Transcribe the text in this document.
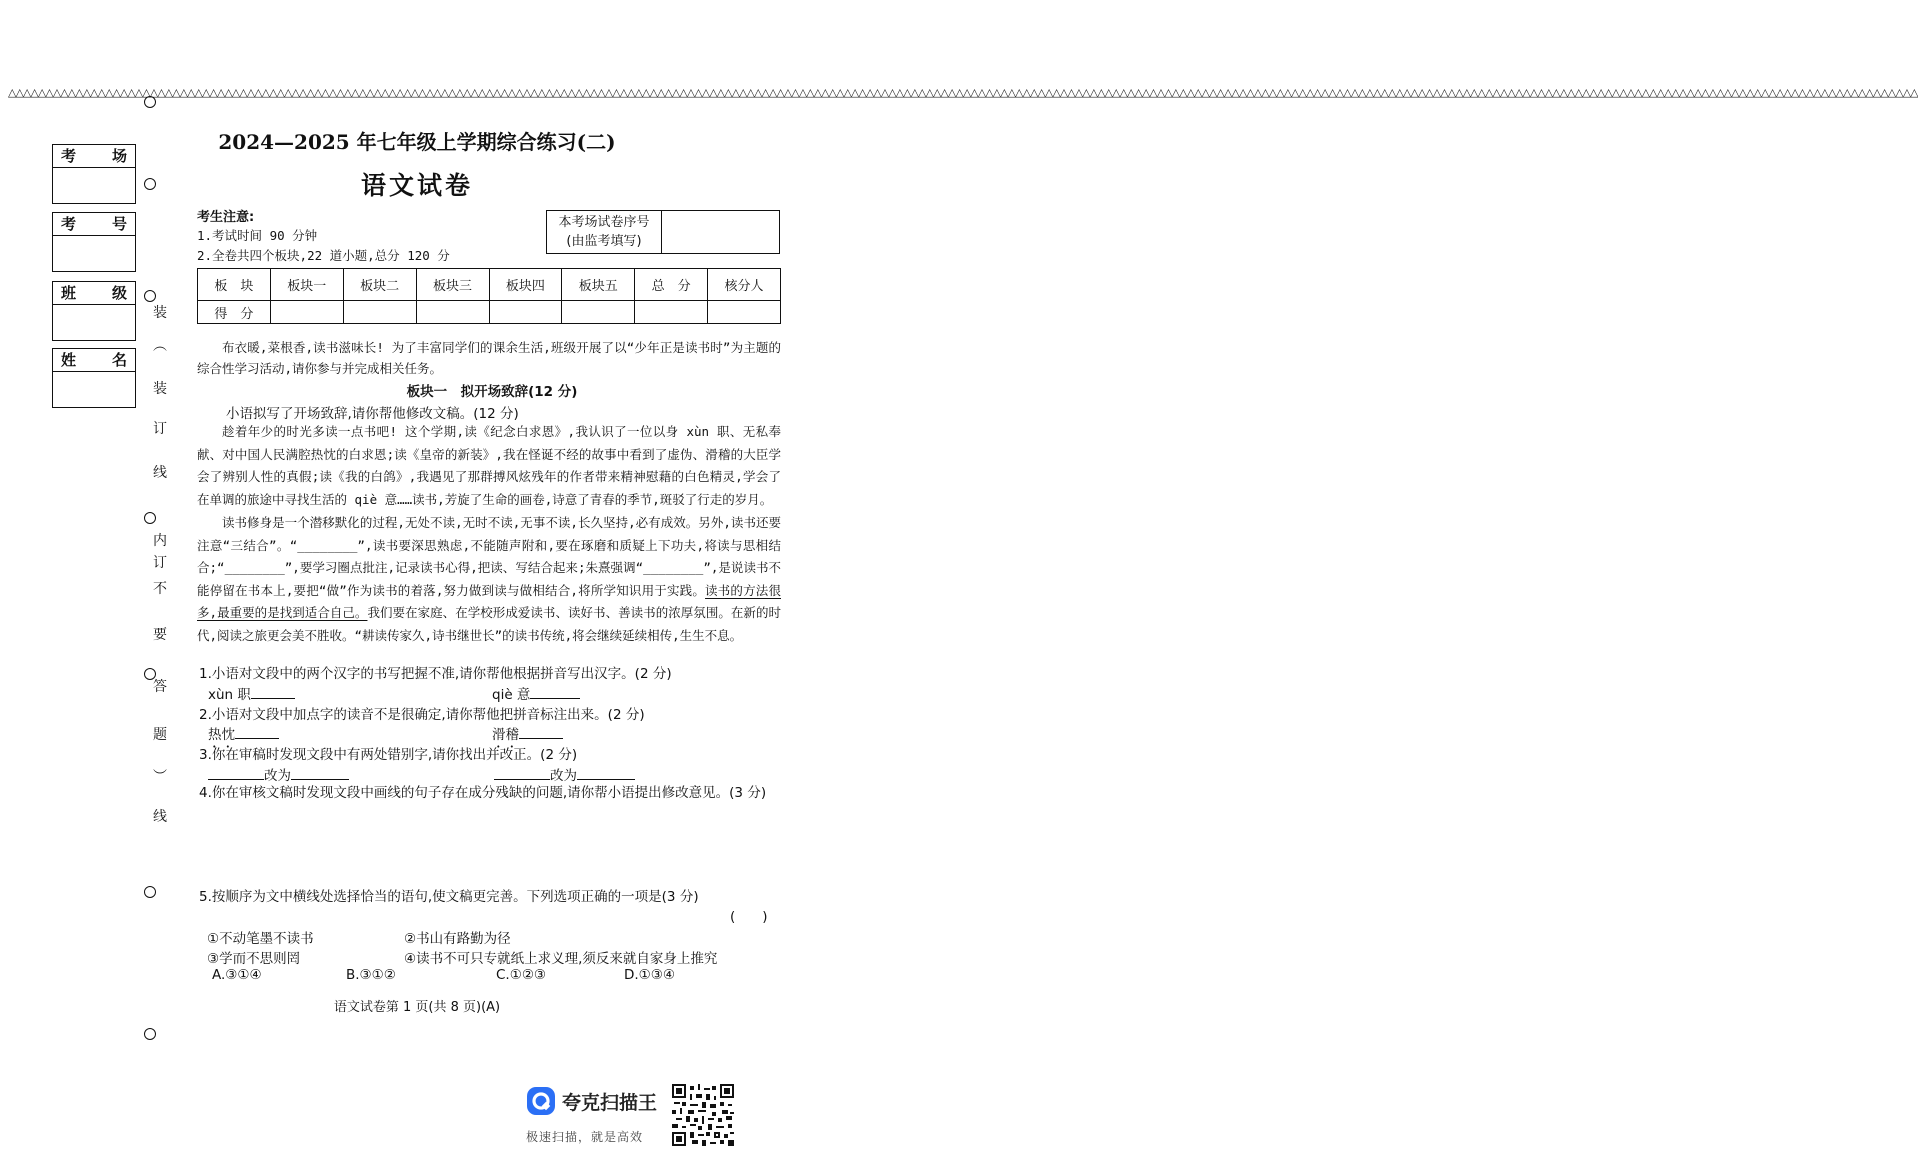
△△△△△△△△△△△△△△△△△△△△△△△△△△△△△△△△△△△△△△△△△△△△△△△△△△△△△△△△△△△△△△△△△△△△△△△△△△△△△△△△△△△△△△△△△△△△△△△△△△△△△△△△△△△△△△△△△△△△△△△△△△△△△△△△△△△△△△△△△△△△△△△△△△△△△△△△△△△△△△△△△△△△△△△△△△△△△△△△△△△△△△△△△△△△△△△△△△△△△△△△△△△△△△△△△△△△△△△△△△△△△△△△△△△△△△△△△△△△△△△△△△△△△△△△△△△△△△△△
考 场
考 号
班 级
姓 名
装
︵
装
订
线
内
订
不
要
答
题
︶
线
2024—2025 年七年级上学期综合练习(二)
语文试卷
考生注意:
1.考试时间 90 分钟
2.全卷共四个板块,22 道小题,总分 120 分
本考场试卷序号
(由监考填写)
板　块	板块一	板块二	板块三	板块四	板块五	总　分	核分人
得　分							
布衣暖,菜根香,读书滋味长! 为了丰富同学们的课余生活,班级开展了以“少年正是读书时”为主题的综合性学习活动,请你参与并完成相关任务。
板块一　拟开场致辞(12 分)
小语拟写了开场致辞,请你帮他修改文稿。(12 分)
趁着年少的时光多读一点书吧! 这个学期,读《纪念白求恩》,我认识了一位以身 xùn 职、无私奉献、对中国人民满腔热忱的白求恩;读《皇帝的新装》,我在怪诞不经的故事中看到了虚伪、滑稽的大臣学会了辨别人性的真假;读《我的白鸽》,我遇见了那群搏风炫残年的作者带来精神慰藉的白色精灵,学会了在单调的旅途中寻找生活的 qiè 意……读书,芳旋了生命的画卷,诗意了青春的季节,斑驳了行走的岁月。
读书修身是一个潜移默化的过程,无处不读,无时不读,无事不读,长久坚持,必有成效。另外,读书还要注意“三结合”。“________”,读书要深思熟虑,不能随声附和,要在琢磨和质疑上下功夫,将读与思相结合;“________”,要学习圈点批注,记录读书心得,把读、写结合起来;朱熹强调“________”,是说读书不能停留在书本上,要把“做”作为读书的着落,努力做到读与做相结合,将所学知识用于实践。读书的方法很多,最重要的是找到适合自己。我们要在家庭、在学校形成爱读书、读好书、善读书的浓厚氛围。在新的时代,阅读之旅更会美不胜收。“耕读传家久,诗书继世长”的读书传统,将会继续延续相传,生生不息。
1.小语对文段中的两个汉字的书写把握不准,请你帮他根据拼音写出汉字。(2 分)
xùn 职	qiè 意
2.小语对文段中加点字的读音不是很确定,请你帮他把拼音标注出来。(2 分)
热忱	滑稽
3.你在审稿时发现文段中有两处错别字,请你找出并改正。(2 分)
改为	改为
4.你在审核文稿时发现文段中画线的句子存在成分残缺的问题,请你帮小语提出修改意见。(3 分)
5.按顺序为文中横线处选择恰当的语句,使文稿更完善。下列选项正确的一项是(3 分)
(　　)
①不动笔墨不读书	②书山有路勤为径
③学而不思则罔	④读书不可只专就纸上求义理,须反来就自家身上推究
A.③①④	B.③①②	C.①②③	D.①③④
语文试卷第 1 页(共 8 页)(A)
夸克扫描王
极速扫描，就是高效
